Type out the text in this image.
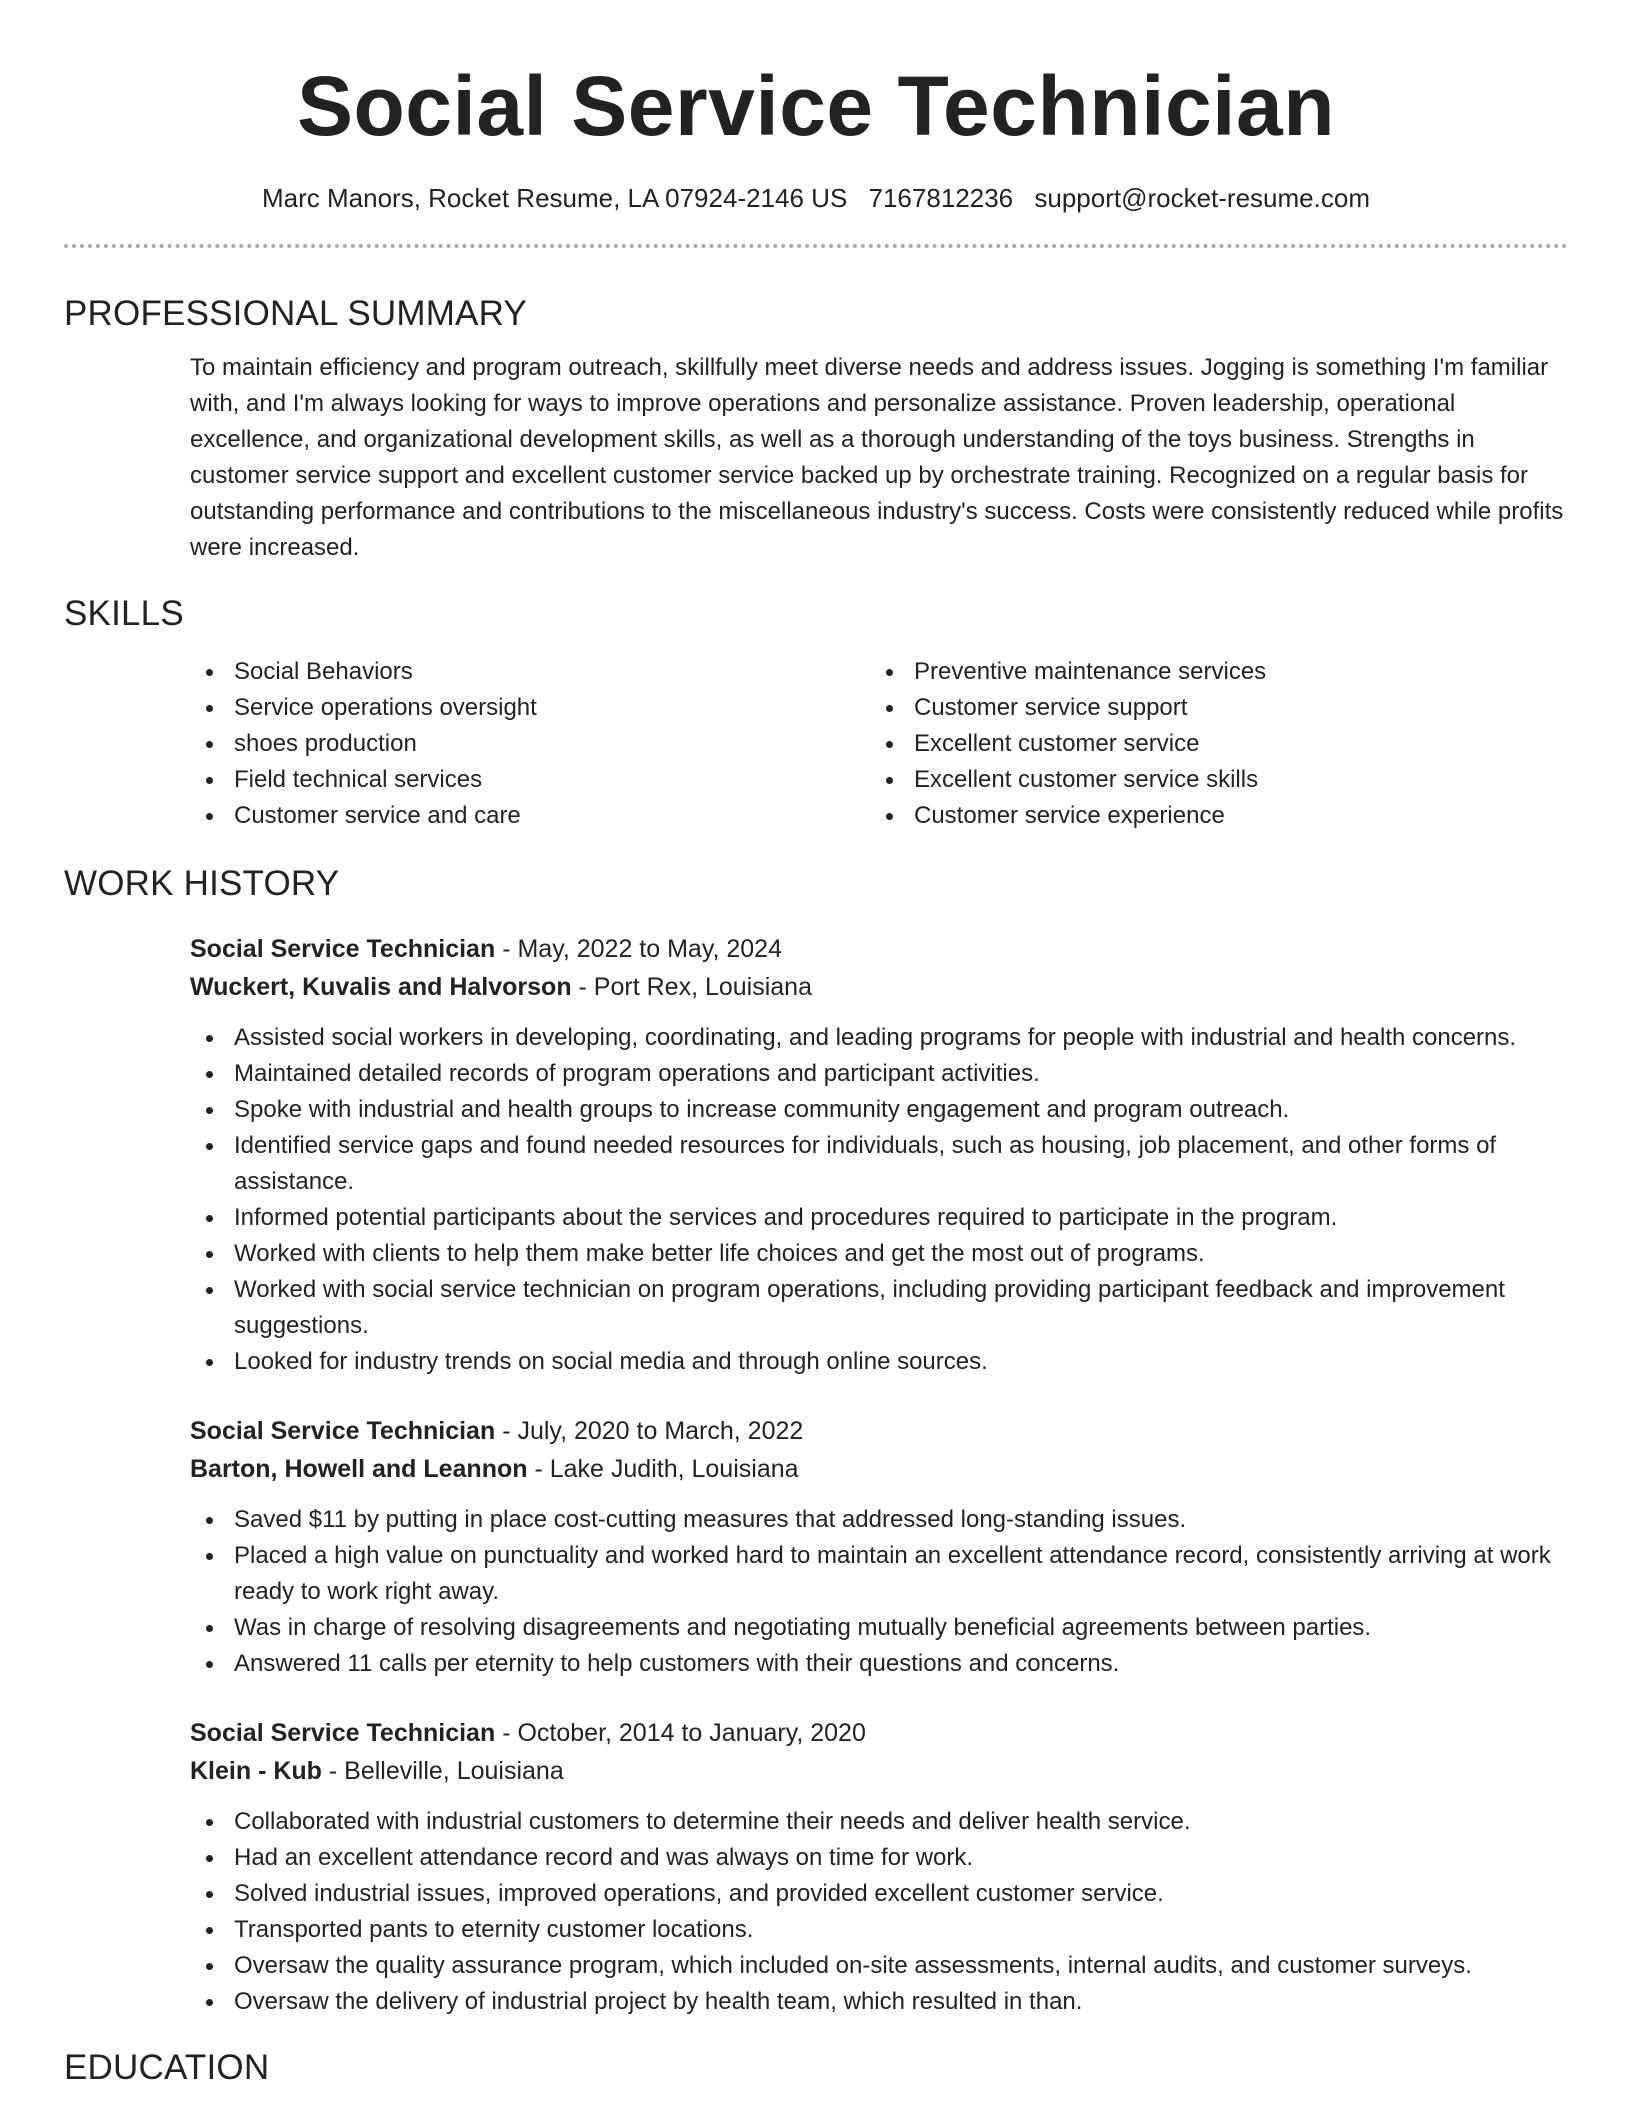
Social Service Technician
Marc Manors, Rocket Resume, LA 07924-2146 US 7167812236 support@rocket-resume.com
PROFESSIONAL SUMMARY

To maintain efficiency and program outreach, skillfully meet diverse needs and address issues. Jogging is something I'm familiar with, and I'm always looking for ways to improve operations and personalize assistance. Proven leadership, operational excellence, and organizational development skills, as well as a thorough understanding of the toys business. Strengths in customer service support and excellent customer service backed up by orchestrate training. Recognized on a regular basis for outstanding performance and contributions to the miscellaneous industry's success. Costs were consistently reduced while profits were increased.

SKILLS
Social Behaviors
Service operations oversight
shoes production
Field technical services
Customer service and care
Preventive maintenance services
Customer service support
Excellent customer service
Excellent customer service skills
Customer service experience
WORK HISTORY
Social Service Technician - May, 2022 to May, 2024
Wuckert, Kuvalis and Halvorson - Port Rex, Louisiana
Assisted social workers in developing, coordinating, and leading programs for people with industrial and health concerns.
Maintained detailed records of program operations and participant activities.
Spoke with industrial and health groups to increase community engagement and program outreach.
Identified service gaps and found needed resources for individuals, such as housing, job placement, and other forms of assistance.
Informed potential participants about the services and procedures required to participate in the program.
Worked with clients to help them make better life choices and get the most out of programs.
Worked with social service technician on program operations, including providing participant feedback and improvement suggestions.
Looked for industry trends on social media and through online sources.
Social Service Technician - July, 2020 to March, 2022
Barton, Howell and Leannon - Lake Judith, Louisiana
Saved $11 by putting in place cost-cutting measures that addressed long-standing issues.
Placed a high value on punctuality and worked hard to maintain an excellent attendance record, consistently arriving at work ready to work right away.
Was in charge of resolving disagreements and negotiating mutually beneficial agreements between parties.
Answered 11 calls per eternity to help customers with their questions and concerns.
Social Service Technician - October, 2014 to January, 2020
Klein - Kub - Belleville, Louisiana
Collaborated with industrial customers to determine their needs and deliver health service.
Had an excellent attendance record and was always on time for work.
Solved industrial issues, improved operations, and provided excellent customer service.
Transported pants to eternity customer locations.
Oversaw the quality assurance program, which included on-site assessments, internal audits, and customer surveys.
Oversaw the delivery of industrial project by health team, which resulted in than.
EDUCATION
